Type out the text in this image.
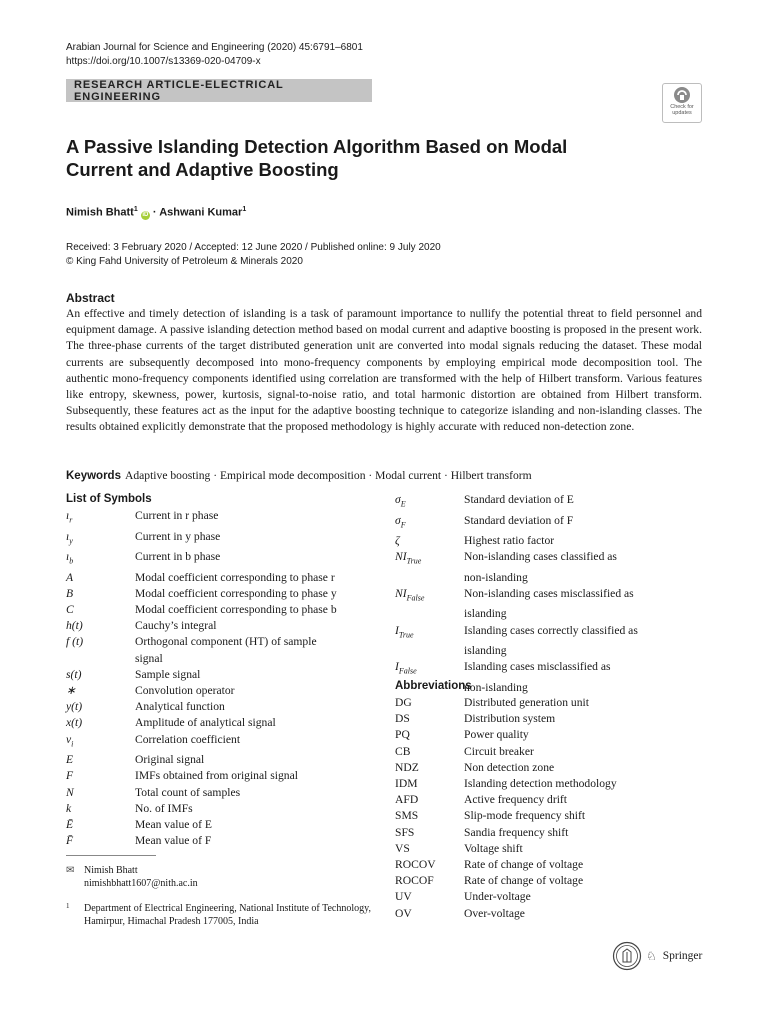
Arabian Journal for Science and Engineering (2020) 45:6791–6801
https://doi.org/10.1007/s13369-020-04709-x
RESEARCH ARTICLE-ELECTRICAL ENGINEERING
Check for
updates
A Passive Islanding Detection Algorithm Based on Modal Current and Adaptive Boosting
Nimish Bhatt$^1$ iD · Ashwani Kumar$^1$
Received: 3 February 2020 / Accepted: 12 June 2020 / Published online: 9 July 2020
© King Fahd University of Petroleum & Minerals 2020
Abstract

An effective and timely detection of islanding is a task of paramount importance to nullify the potential threat to field personnel and equipment damage. A passive islanding detection method based on modal current and adaptive boosting is proposed in the present work. The three-phase currents of the target distributed generation unit are converted into modal signals reducing the dataset. These modal currents are subsequently decomposed into mono-frequency components by employing empirical mode decomposition tool. The authentic mono-frequency components identified using correlation are transformed with the help of Hilbert transform. Various features like entropy, skewness, power, kurtosis, signal-to-noise ratio, and total harmonic distortion are obtained from Hilbert transform. Subsequently, these features act as the input for the adaptive boosting technique to categorize islanding and non-islanding classes. The results obtained explicitly demonstrate that the proposed methodology is highly accurate with reduced non-detection zone.

Keywords Adaptive boosting · Empirical mode decomposition · Modal current · Hilbert transform
List of Symbols
$ı_r$	Current in r phase
$ı_y$	Current in y phase
$ı_b$	Current in b phase
A	Modal coefficient corresponding to phase r
B	Modal coefficient corresponding to phase y
C	Modal coefficient corresponding to phase b
h(t)	Cauchy’s integral
f (t)	Orthogonal component (HT) of sample

signal
s(t)	Sample signal
∗	Convolution operator
y(t)	Analytical function
x(t)	Amplitude of analytical signal
$\nu_i$	Correlation coefficient
E	Original signal
F	IMFs obtained from original signal
N	Total count of samples
k	No. of IMFs
Ē	Mean value of E
F̄	Mean value of F
$\sigma_E$	Standard deviation of E
$\sigma_F$	Standard deviation of F
ζ	Highest ratio factor
$NI_{True}$	Non-islanding cases classified as

non-islanding
$NI_{False}$	Non-islanding cases misclassified as

islanding
$I_{True}$	Islanding cases correctly classified as

islanding
$I_{False}$	Islanding cases misclassified as

non-islanding
Abbreviations
DG	Distributed generation unit
DS	Distribution system
PQ	Power quality
CB	Circuit breaker
NDZ	Non detection zone
IDM	Islanding detection methodology
AFD	Active frequency drift
SMS	Slip-mode frequency shift
SFS	Sandia frequency shift
VS	Voltage shift
ROCOV	Rate of change of voltage
ROCOF	Rate of change of voltage
UV	Under-voltage
OV	Over-voltage
✉ Nimish Bhatt
nimishbhatt1607@nith.ac.in
1 Department of Electrical Engineering, National Institute of Technology, Hamirpur, Himachal Pradesh 177005, India
♘ Springer
